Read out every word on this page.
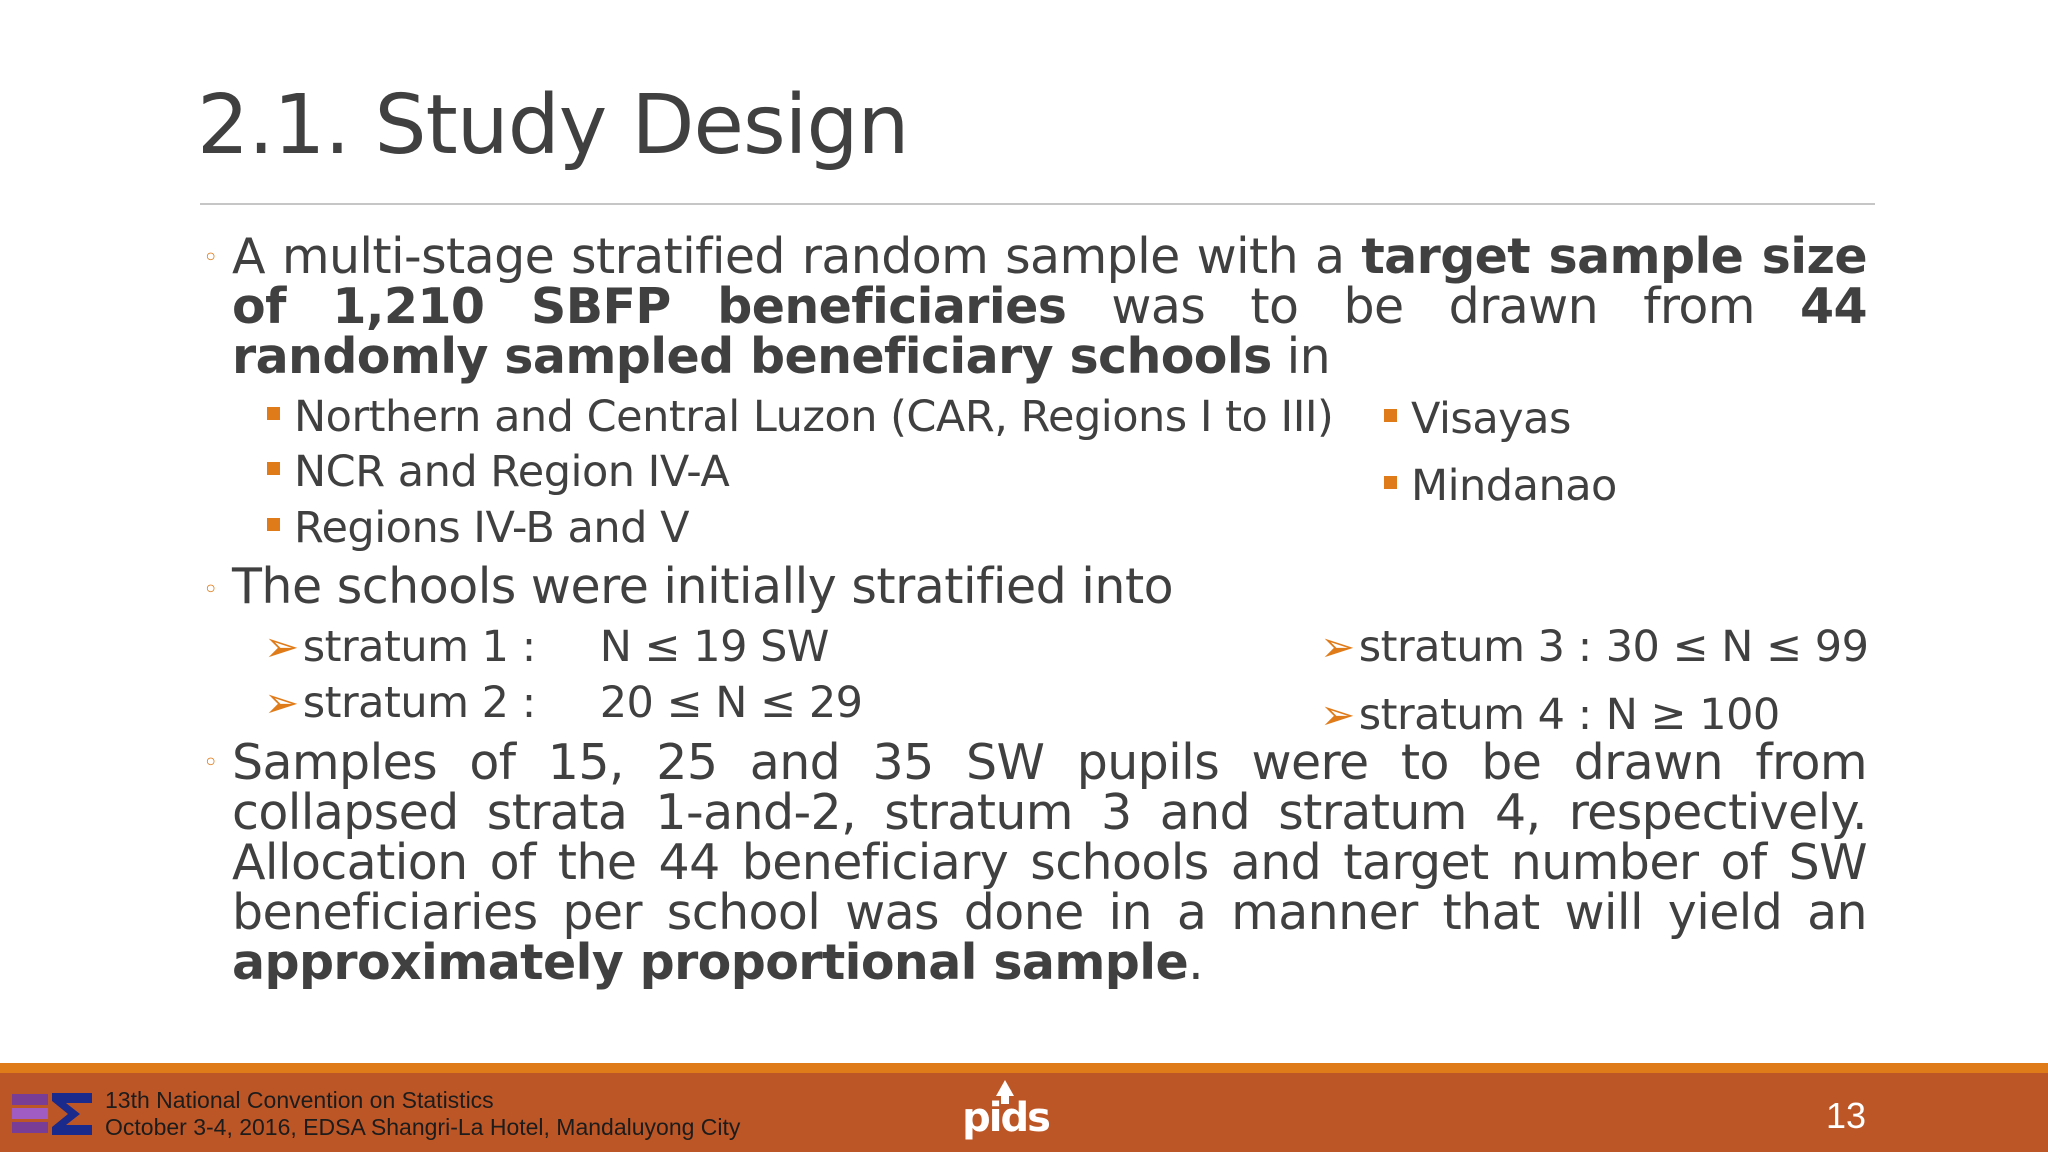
2.1. Study Design
◦ A multi-stage stratified random sample with a target sample size of 1,210 SBFP beneficiaries was to be drawn from 44 randomly sampled beneficiary schools in
Northern and Central Luzon (CAR, Regions I to III)
NCR and Region IV-A
Regions IV-B and V
Visayas
Mindanao
◦ The schools were initially stratified into
➢stratum 1 : N ≤ 19 SW
➢stratum 2 : 20 ≤ N ≤ 29
➢stratum 3 : 30 ≤ N ≤ 99
➢stratum 4 : N ≥ 100
◦ Samples of 15, 25 and 35 SW pupils were to be drawn from collapsed strata 1-and-2, stratum 3 and stratum 4, respectively. Allocation of the 44 beneficiary schools and target number of SW beneficiaries per school was done in a manner that will yield an approximately proportional sample.
13th National Convention on Statistics
October 3-4, 2016, EDSA Shangri-La Hotel, Mandaluyong City	pids	13
